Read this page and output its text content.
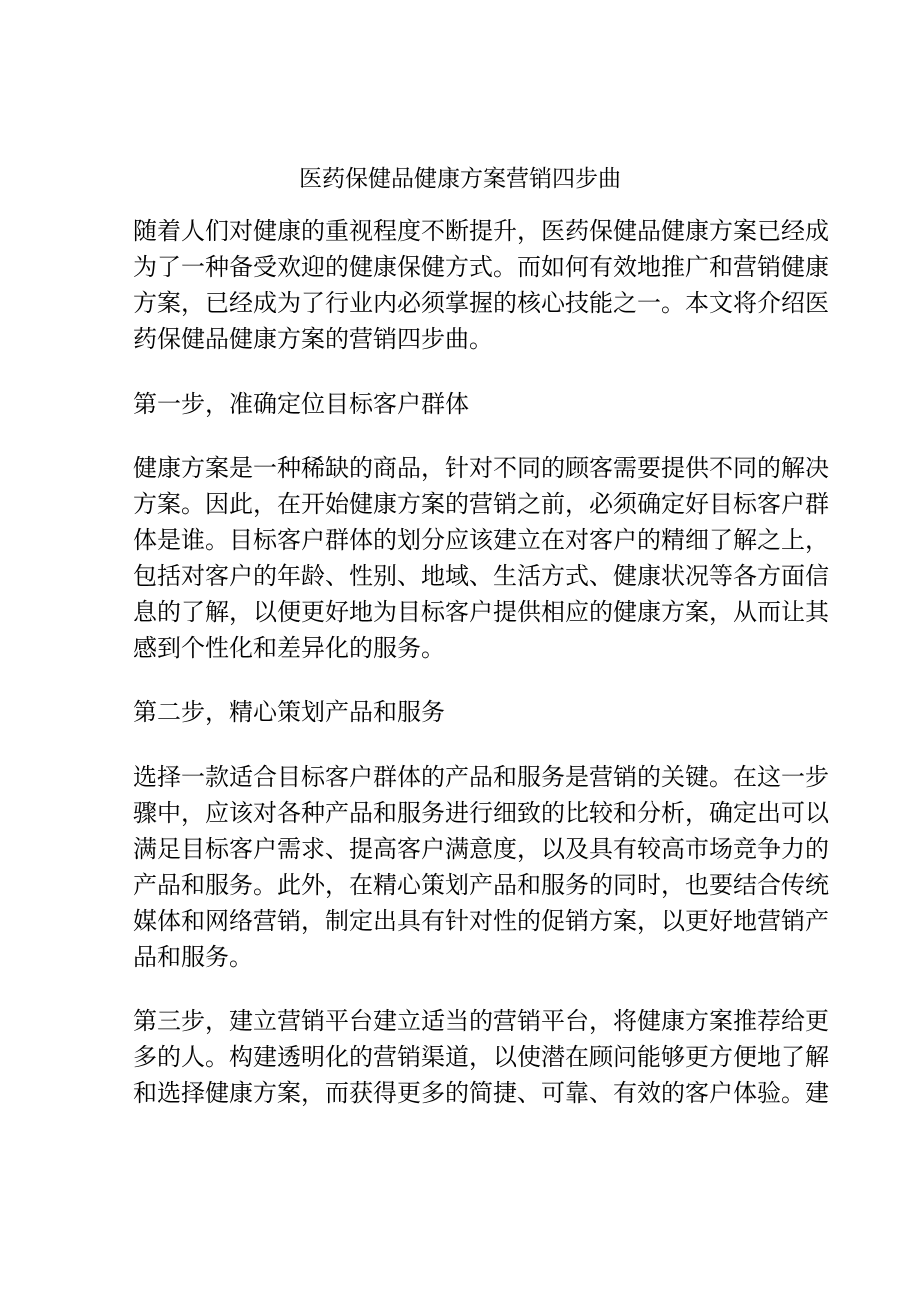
医药保健品健康方案营销四步曲

随着人们对健康的重视程度不断提升，医药保健品健康方案已经成
为了一种备受欢迎的健康保健方式。而如何有效地推广和营销健康
方案，已经成为了行业内必须掌握的核心技能之一。本文将介绍医
药保健品健康方案的营销四步曲。

第一步，准确定位目标客户群体

健康方案是一种稀缺的商品，针对不同的顾客需要提供不同的解决
方案。因此，在开始健康方案的营销之前，必须确定好目标客户群
体是谁。目标客户群体的划分应该建立在对客户的精细了解之上，
包括对客户的年龄、性别、地域、生活方式、健康状况等各方面信
息的了解，以便更好地为目标客户提供相应的健康方案，从而让其
感到个性化和差异化的服务。

第二步，精心策划产品和服务

选择一款适合目标客户群体的产品和服务是营销的关键。在这一步
骤中，应该对各种产品和服务进行细致的比较和分析，确定出可以
满足目标客户需求、提高客户满意度，以及具有较高市场竞争力的
产品和服务。此外，在精心策划产品和服务的同时，也要结合传统
媒体和网络营销，制定出具有针对性的促销方案，以更好地营销产
品和服务。

第三步，建立营销平台建立适当的营销平台，将健康方案推荐给更
多的人。构建透明化的营销渠道，以使潜在顾问能够更方便地了解
和选择健康方案，而获得更多的简捷、可靠、有效的客户体验。建
